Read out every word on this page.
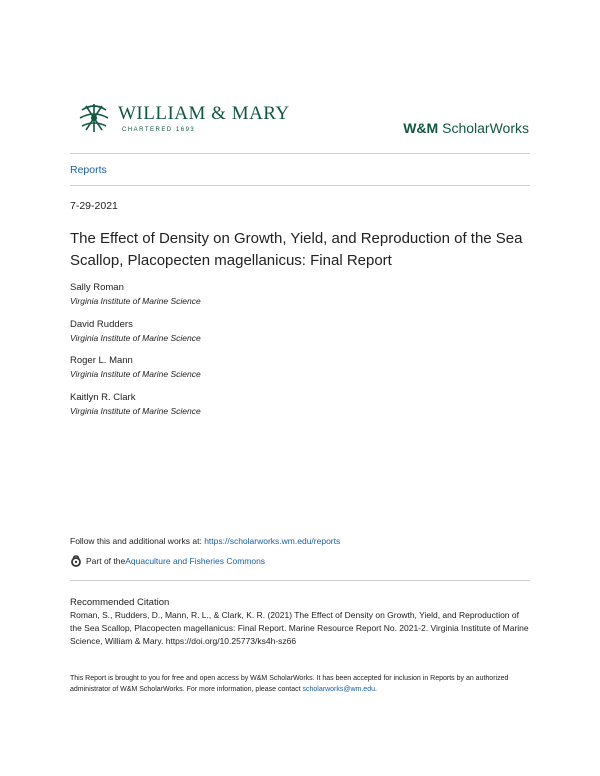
WILLIAM & MARY
CHARTERED 1693	W&M ScholarWorks
Reports
7-29-2021
The Effect of Density on Growth, Yield, and Reproduction of the Sea Scallop, Placopecten magellanicus: Final Report
Sally Roman
Virginia Institute of Marine Science
David Rudders
Virginia Institute of Marine Science
Roger L. Mann
Virginia Institute of Marine Science
Kaitlyn R. Clark
Virginia Institute of Marine Science
Follow this and additional works at: https://scholarworks.wm.edu/reports
Part of the Aquaculture and Fisheries Commons
Recommended Citation
Roman, S., Rudders, D., Mann, R. L., & Clark, K. R. (2021) The Effect of Density on Growth, Yield, and Reproduction of the Sea Scallop, Placopecten magellanicus: Final Report. Marine Resource Report No. 2021-2. Virginia Institute of Marine Science, William & Mary. https://doi.org/10.25773/ks4h-sz66
This Report is brought to you for free and open access by W&M ScholarWorks. It has been accepted for inclusion in Reports by an authorized administrator of W&M ScholarWorks. For more information, please contact scholarworks@wm.edu.
